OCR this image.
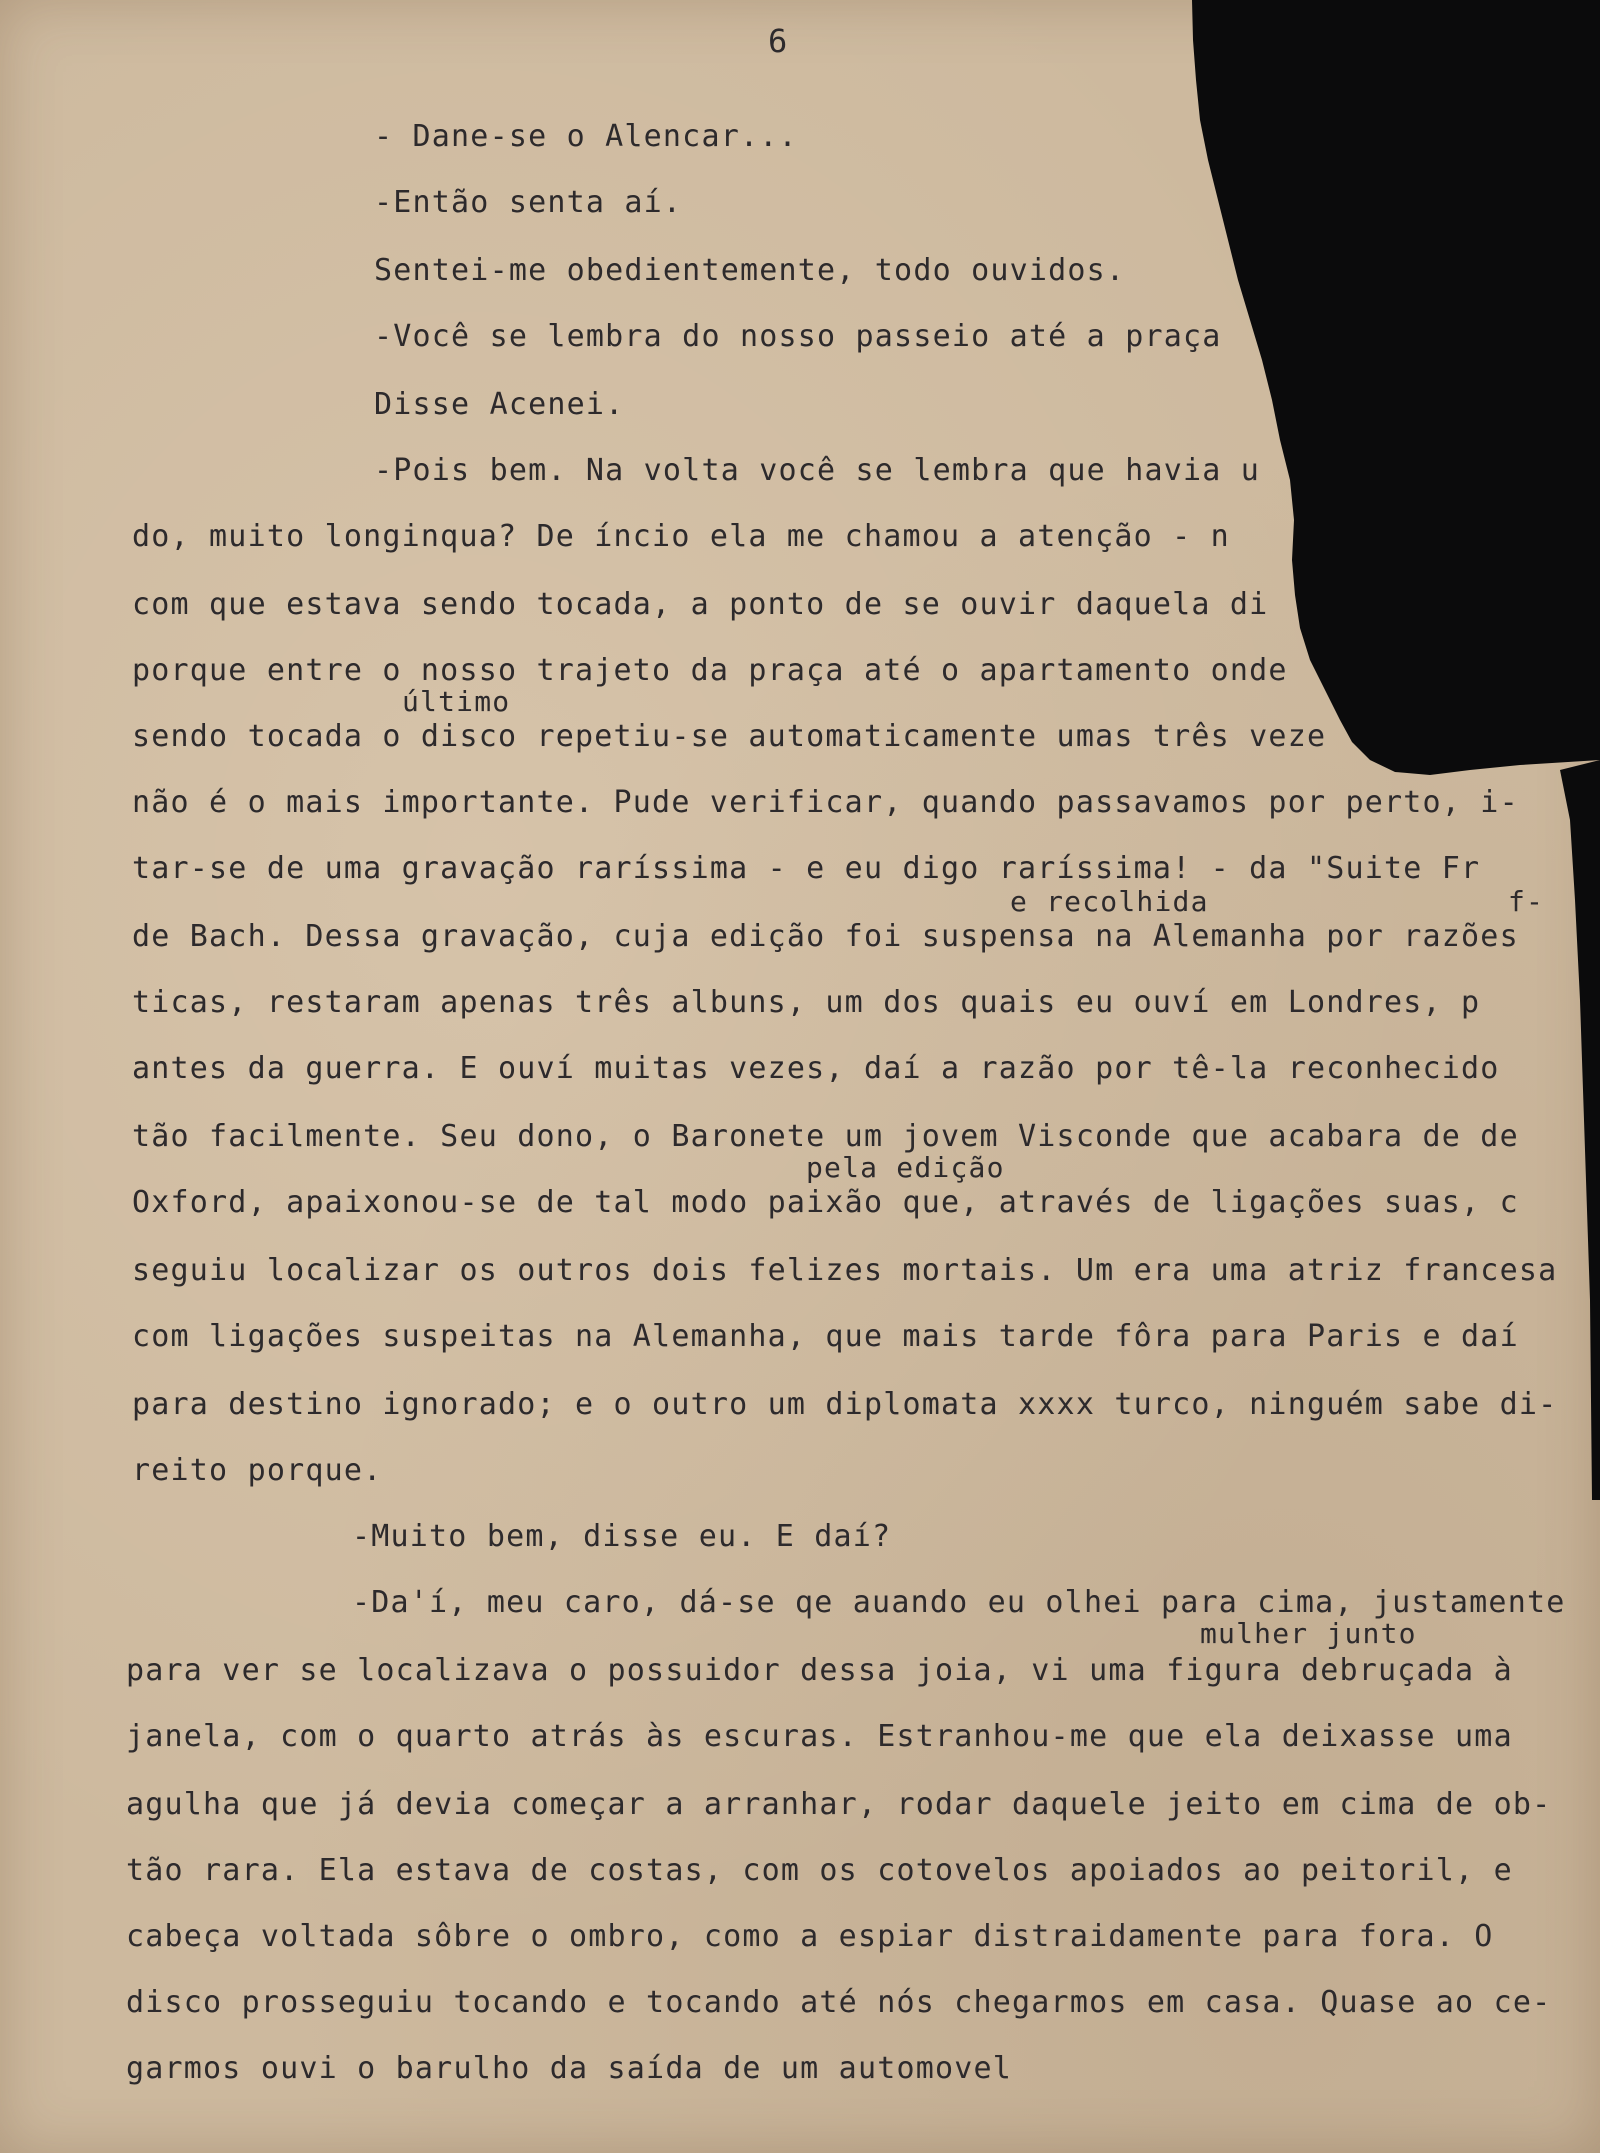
6
- Dane-se o Alencar...
-Então senta aí.
Sentei-me obedientemente, todo ouvidos.
-Você se lembra do nosso passeio até a praça
Disse Acenei.
-Pois bem. Na volta você se lembra que havia u
do, muito longinqua? De íncio ela me chamou a atenção - n
com que estava sendo tocada, a ponto de se ouvir daquela di
porque entre o nosso trajeto da praça até o apartamento onde
último
sendo tocada o disco repetiu-se automaticamente umas três veze
não é o mais importante. Pude verificar, quando passavamos por perto, i-
tar-se de uma gravação raríssima - e eu digo raríssima! - da "Suite Fr
e recolhida	f-
de Bach. Dessa gravação, cuja edição foi suspensa na Alemanha por razões
ticas, restaram apenas três albuns, um dos quais eu ouví em Londres, p
antes da guerra. E ouví muitas vezes, daí a razão por tê-la reconhecido
tão facilmente. Seu dono, o Baronete um jovem Visconde que acabara de de
pela edição
Oxford, apaixonou-se de tal modo paixão que, através de ligações suas, c
seguiu localizar os outros dois felizes mortais. Um era uma atriz francesa
com ligações suspeitas na Alemanha, que mais tarde fôra para Paris e daí
para destino ignorado; e o outro um diplomata xxxx turco, ninguém sabe di-
reito porque.
-Muito bem, disse eu. E daí?
-Da'í, meu caro, dá-se qe auando eu olhei para cima, justamente
mulher junto
para ver se localizava o possuidor dessa joia, vi uma figura debruçada à
janela, com o quarto atrás às escuras. Estranhou-me que ela deixasse uma
agulha que já devia começar a arranhar, rodar daquele jeito em cima de ob-
tão rara. Ela estava de costas, com os cotovelos apoiados ao peitoril, e
cabeça voltada sôbre o ombro, como a espiar distraidamente para fora. O
disco prosseguiu tocando e tocando até nós chegarmos em casa. Quase ao ce-
garmos ouvi o barulho da saída de um automovel
